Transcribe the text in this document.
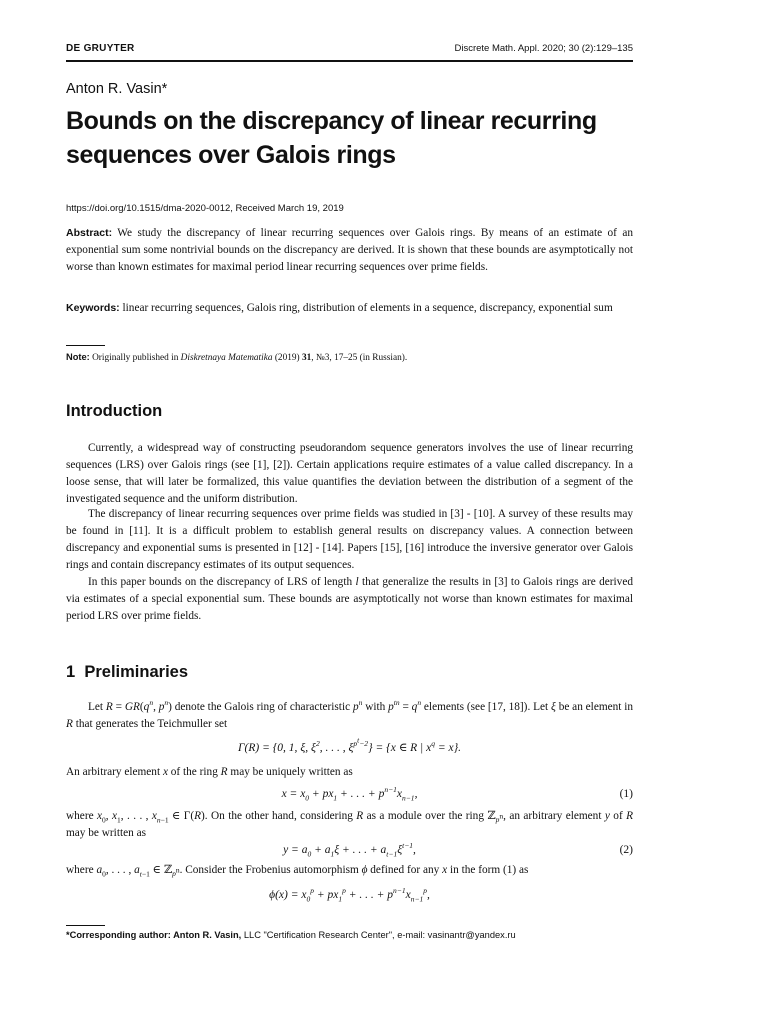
DE GRUYTER	Discrete Math. Appl. 2020; 30 (2):129–135
Anton R. Vasin*
Bounds on the discrepancy of linear recurring
sequences over Galois rings
https://doi.org/10.1515/dma-2020-0012, Received March 19, 2019

Abstract: We study the discrepancy of linear recurring sequences over Galois rings. By means of an estimate of an exponential sum some nontrivial bounds on the discrepancy are derived. It is shown that these bounds are asymptotically not worse than known estimates for maximal period linear recurring sequences over prime fields.

Keywords: linear recurring sequences, Galois ring, distribution of elements in a sequence, discrepancy, exponential sum

Note: Originally published in Diskretnaya Matematika (2019) 31, №3, 17–25 (in Russian).
Introduction

Currently, a widespread way of constructing pseudorandom sequence generators involves the use of linear recurring sequences (LRS) over Galois rings (see [1], [2]). Certain applications require estimates of a value called discrepancy. In a loose sense, that will later be formalized, this value quantifies the deviation between the distribution of a segment of the investigated sequence and the uniform distribution.

The discrepancy of linear recurring sequences over prime fields was studied in [3] - [10]. A survey of these results may be found in [11]. It is a difficult problem to establish general results on discrepancy values. A connection between discrepancy and exponential sums is presented in [12] - [14]. Papers [15], [16] introduce the inversive generator over Galois rings and contain discrepancy estimates of its output sequences.

In this paper bounds on the discrepancy of LRS of length l that generalize the results in [3] to Galois rings are derived via estimates of a special exponential sum. These bounds are asymptotically not worse than known estimates for maximal period LRS over prime fields.

1 Preliminaries

Let $R = GR(q^n$, $p^n$) denote the Galois ring of characteristic $p^n$ with $p^{tn} = q^n$ elements (see [17, 18]). Let ξ be an element in R that generates the Teichmuller set

Γ(R) = {0, 1, ξ, $\xi^2$, . . . , $\xi^{p^t-2}\} = \{x$ ∈ R | $x^q = x$}.

An arbitrary element x of the ring R may be uniquely written as

$x = x_0 + px_1$ + . . . + $p^{n-1}x_{n-1}$,	(1)

where $x_0$, $x_1$, . . . , $x_{n-1}$ ∈ Γ(R). On the other hand, considering R as a module over the ring ℤ$_{p^n}$, an arbitrary element y of R may be written as

$y = a_0 + a_1\xi$ + . . . + $a_{t-1}\xi^{t-1}$,	(2)

where $a_0$, . . . , $a_{t-1}$ ∈ ℤ$_{p^n}$. Consider the Frobenius automorphism ϕ defined for any x in the form (1) as

$\phi(x) = x_0^p + px_1^p$ + . . . + $p^{n-1}x_{n-1}^p$,
*Corresponding author: Anton R. Vasin, LLC "Certification Research Center", e-mail: vasinantr@yandex.ru
